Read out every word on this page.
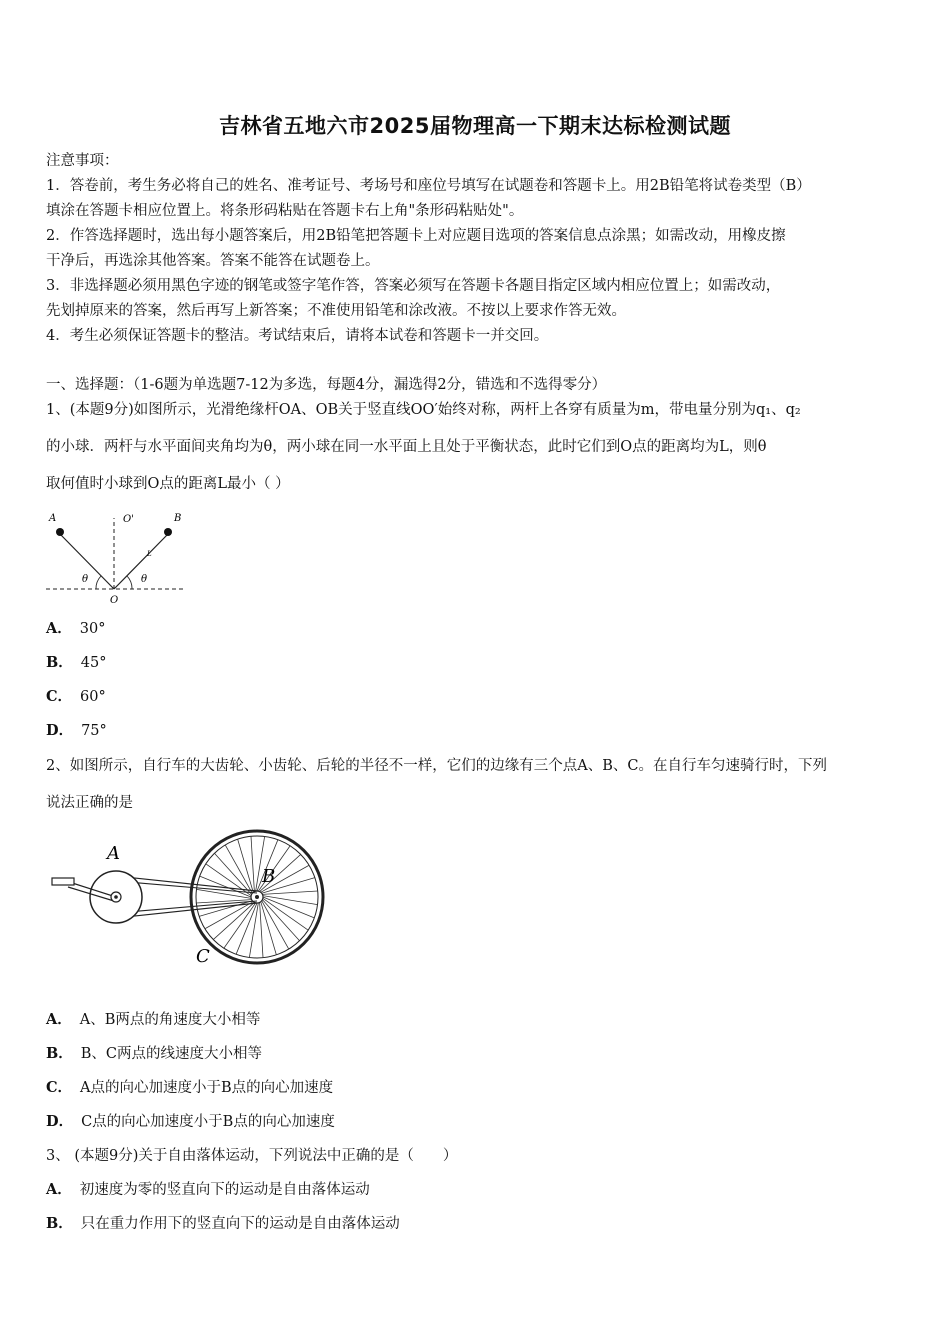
吉林省五地六市2025届物理高一下期末达标检测试题
注意事项：
1．答卷前，考生务必将自己的姓名、准考证号、考场号和座位号填写在试题卷和答题卡上。用2B铅笔将试卷类型（B）
填涂在答题卡相应位置上。将条形码粘贴在答题卡右上角"条形码粘贴处"。
2．作答选择题时，选出每小题答案后，用2B铅笔把答题卡上对应题目选项的答案信息点涂黑；如需改动，用橡皮擦
干净后，再选涂其他答案。答案不能答在试题卷上。
3．非选择题必须用黑色字迹的钢笔或签字笔作答，答案必须写在答题卡各题目指定区域内相应位置上；如需改动，
先划掉原来的答案，然后再写上新答案；不准使用铅笔和涂改液。不按以上要求作答无效。
4．考生必须保证答题卡的整洁。考试结束后，请将本试卷和答题卡一并交回。
一、选择题：（1-6题为单选题7-12为多选，每题4分，漏选得2分，错选和不选得零分）
1、(本题9分)如图所示，光滑绝缘杆OA、OB关于竖直线OO′始终对称，两杆上各穿有质量为m，带电量分别为q₁、q₂
的小球．两杆与水平面间夹角均为θ，两小球在同一水平面上且处于平衡状态，此时它们到O点的距离均为L，则θ
取何值时小球到O点的距离L最小（ ）
A	B
O'
O
θ	θ
L
A． 30°
B． 45°
C． 60°
D． 75°
2、如图所示，自行车的大齿轮、小齿轮、后轮的半径不一样，它们的边缘有三个点A、B、C。在自行车匀速骑行时，下列
说法正确的是
A
B
C
A． A、B两点的角速度大小相等
B． B、C两点的线速度大小相等
C． A点的向心加速度小于B点的向心加速度
D． C点的向心加速度小于B点的向心加速度
3、 (本题9分)关于自由落体运动，下列说法中正确的是（　　）
A． 初速度为零的竖直向下的运动是自由落体运动
B． 只在重力作用下的竖直向下的运动是自由落体运动
